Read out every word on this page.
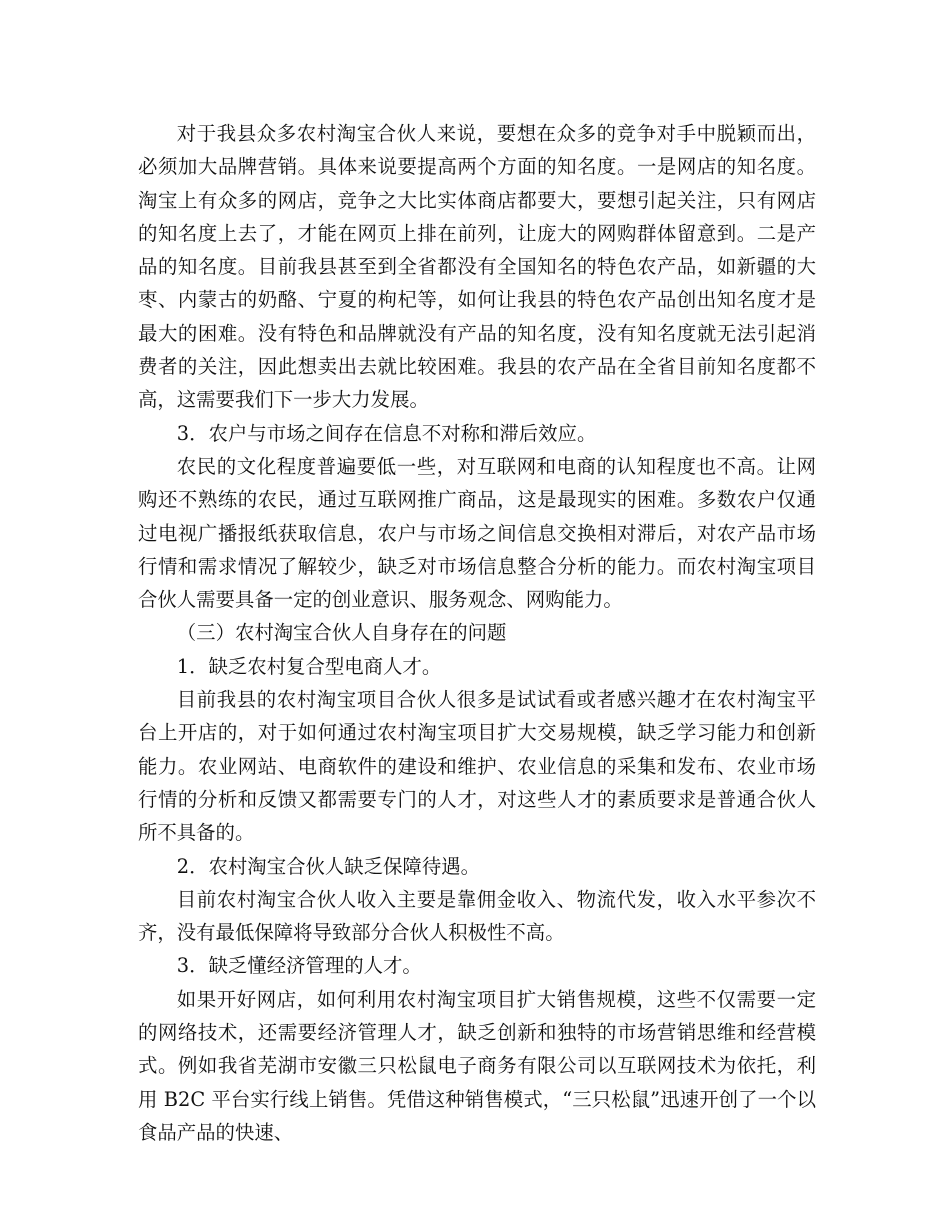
对于我县众多农村淘宝合伙人来说，要想在众多的竞争对手中脱颖而出，必须加大品牌营销。具体来说要提高两个方面的知名度。一是网店的知名度。淘宝上有众多的网店，竞争之大比实体商店都要大，要想引起关注，只有网店的知名度上去了，才能在网页上排在前列，让庞大的网购群体留意到。二是产品的知名度。目前我县甚至到全省都没有全国知名的特色农产品，如新疆的大枣、内蒙古的奶酪、宁夏的枸杞等，如何让我县的特色农产品创出知名度才是最大的困难。没有特色和品牌就没有产品的知名度，没有知名度就无法引起消费者的关注，因此想卖出去就比较困难。我县的农产品在全省目前知名度都不高，这需要我们下一步大力发展。

3．农户与市场之间存在信息不对称和滞后效应。

农民的文化程度普遍要低一些，对互联网和电商的认知程度也不高。让网购还不熟练的农民，通过互联网推广商品，这是最现实的困难。多数农户仅通过电视广播报纸获取信息，农户与市场之间信息交换相对滞后，对农产品市场行情和需求情况了解较少，缺乏对市场信息整合分析的能力。而农村淘宝项目合伙人需要具备一定的创业意识、服务观念、网购能力。

（三）农村淘宝合伙人自身存在的问题

1．缺乏农村复合型电商人才。

目前我县的农村淘宝项目合伙人很多是试试看或者感兴趣才在农村淘宝平台上开店的，对于如何通过农村淘宝项目扩大交易规模，缺乏学习能力和创新能力。农业网站、电商软件的建设和维护、农业信息的采集和发布、农业市场行情的分析和反馈又都需要专门的人才，对这些人才的素质要求是普通合伙人所不具备的。

2．农村淘宝合伙人缺乏保障待遇。

目前农村淘宝合伙人收入主要是靠佣金收入、物流代发，收入水平参次不齐，没有最低保障将导致部分合伙人积极性不高。

3．缺乏懂经济管理的人才。

如果开好网店，如何利用农村淘宝项目扩大销售规模，这些不仅需要一定的网络技术，还需要经济管理人才，缺乏创新和独特的市场营销思维和经营模式。例如我省芜湖市安徽三只松鼠电子商务有限公司以互联网技术为依托，利用 B2C 平台实行线上销售。凭借这种销售模式，“三只松鼠”迅速开创了一个以食品产品的快速、
